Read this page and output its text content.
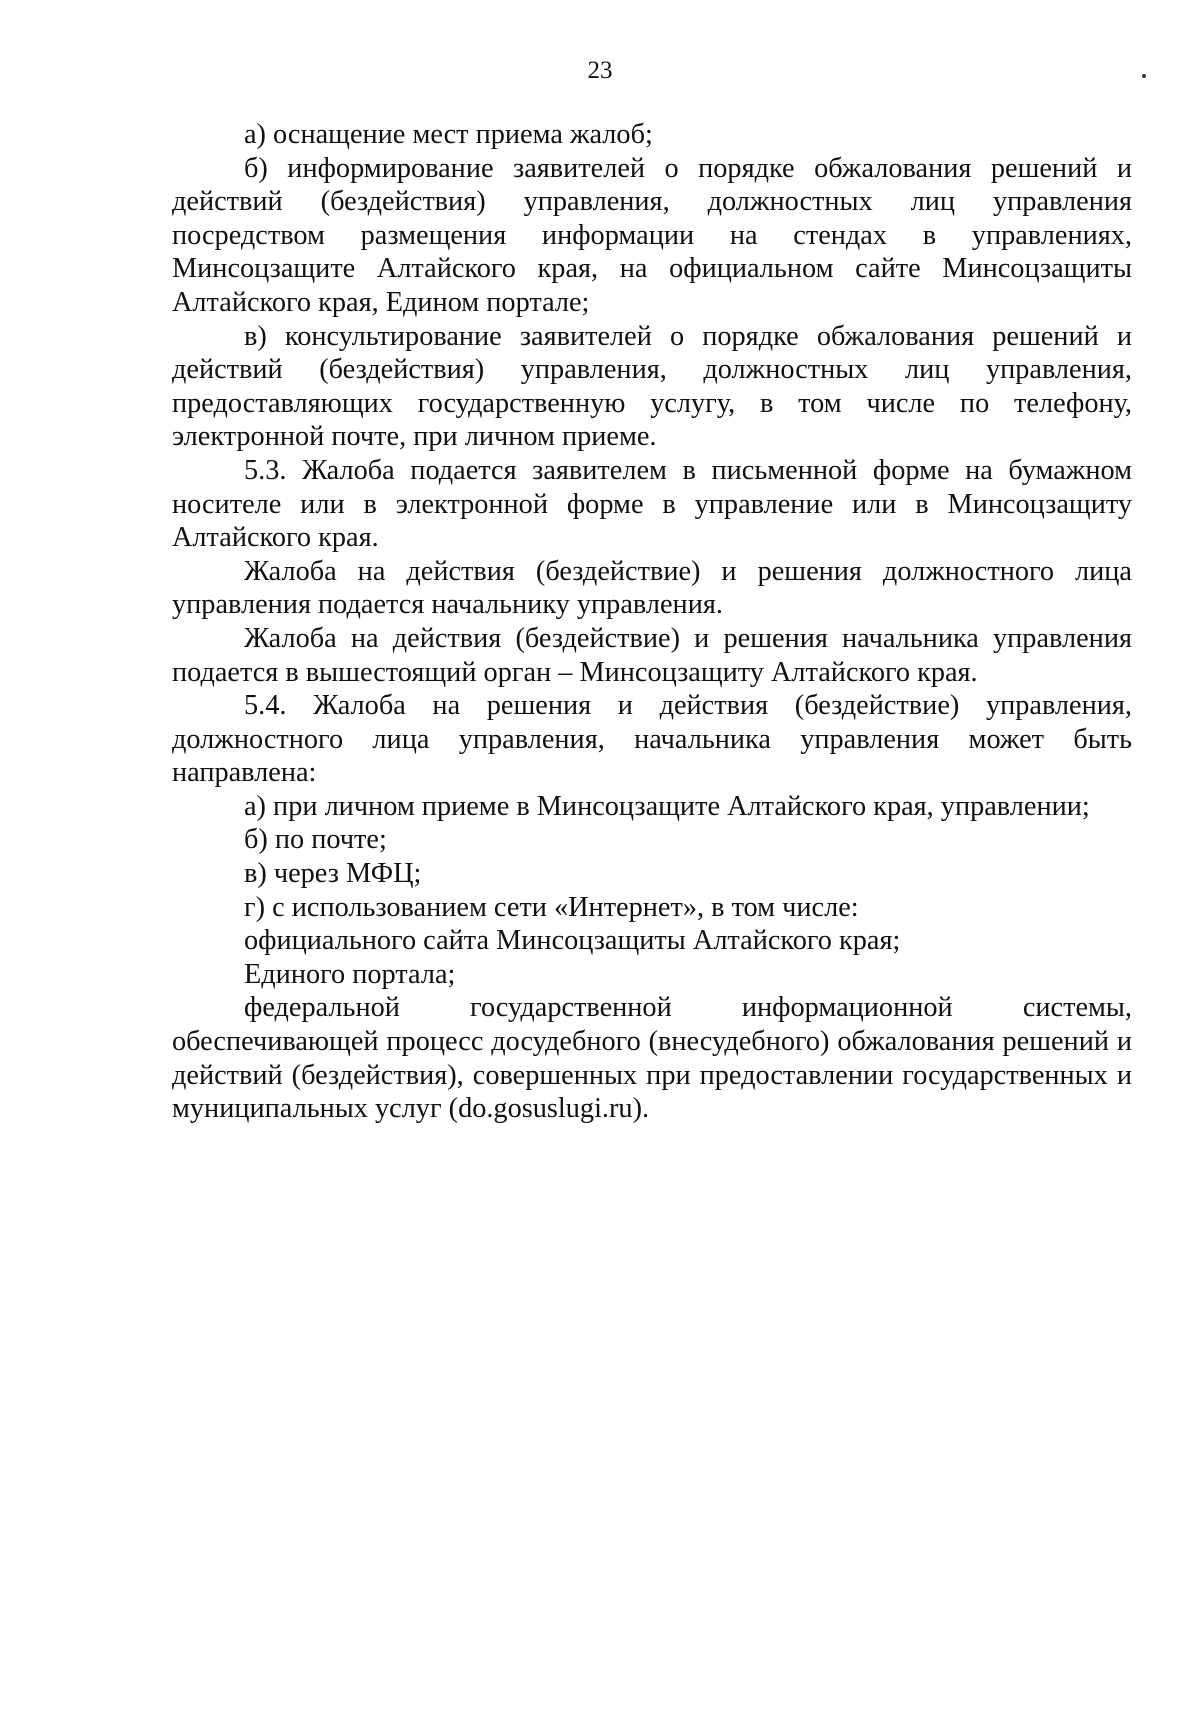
23

а) оснащение мест приема жалоб;

б) информирование заявителей о порядке обжалования решений и действий (бездействия) управления, должностных лиц управления посредством размещения информации на стендах в управлениях, Минсоцзащите Алтайского края, на официальном сайте Минсоцзащиты Алтайского края, Едином портале;

в) консультирование заявителей о порядке обжалования решений и действий (бездействия) управления, должностных лиц управления, предоставляющих государственную услугу, в том числе по телефону, электронной почте, при личном приеме.

5.3. Жалоба подается заявителем в письменной форме на бумажном носителе или в электронной форме в управление или в Минсоцзащиту Алтайского края.

Жалоба на действия (бездействие) и решения должностного лица управления подается начальнику управления.

Жалоба на действия (бездействие) и решения начальника управления подается в вышестоящий орган – Минсоцзащиту Алтайского края.

5.4. Жалоба на решения и действия (бездействие) управления, должностного лица управления, начальника управления может быть направлена:

а) при личном приеме в Минсоцзащите Алтайского края, управлении;

б) по почте;

в) через МФЦ;

г) с использованием сети «Интернет», в том числе:

официального сайта Минсоцзащиты Алтайского края;

Единого портала;

федеральной государственной информационной системы, обеспечивающей процесс досудебного (внесудебного) обжалования решений и действий (бездействия), совершенных при предоставлении государственных и муниципальных услуг (do.gosuslugi.ru).
